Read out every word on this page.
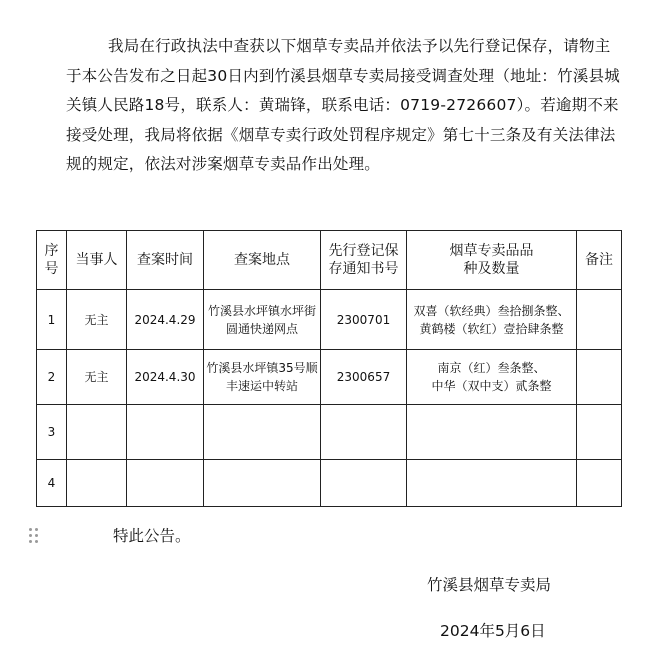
我局在行政执法中查获以下烟草专卖品并依法予以先行登记保存，请物主于本公告发布之日起30日内到竹溪县烟草专卖局接受调查处理（地址：竹溪县城关镇人民路18号，联系人：黄瑞锋，联系电话：0719-2726607）。若逾期不来接受处理，我局将依据《烟草专卖行政处罚程序规定》第七十三条及有关法律法规的规定，依法对涉案烟草专卖品作出处理。

序号	当事人	查案时间	查案地点	先行登记保存通知书号	烟草专卖品品种及数量	备注
1	无主	2024.4.29	竹溪县水坪镇水坪街圆通快递网点	2300701	双喜（软经典）叁拾捌条整、
黄鹤楼（软红）壹拾肆条整	

2	无主	2024.4.30	竹溪县水坪镇35号顺丰速运中转站	2300657	南京（红）叁条整、
中华（双中支）贰条整	

3					

4					

特此公告。

竹溪县烟草专卖局

2024年5月6日
